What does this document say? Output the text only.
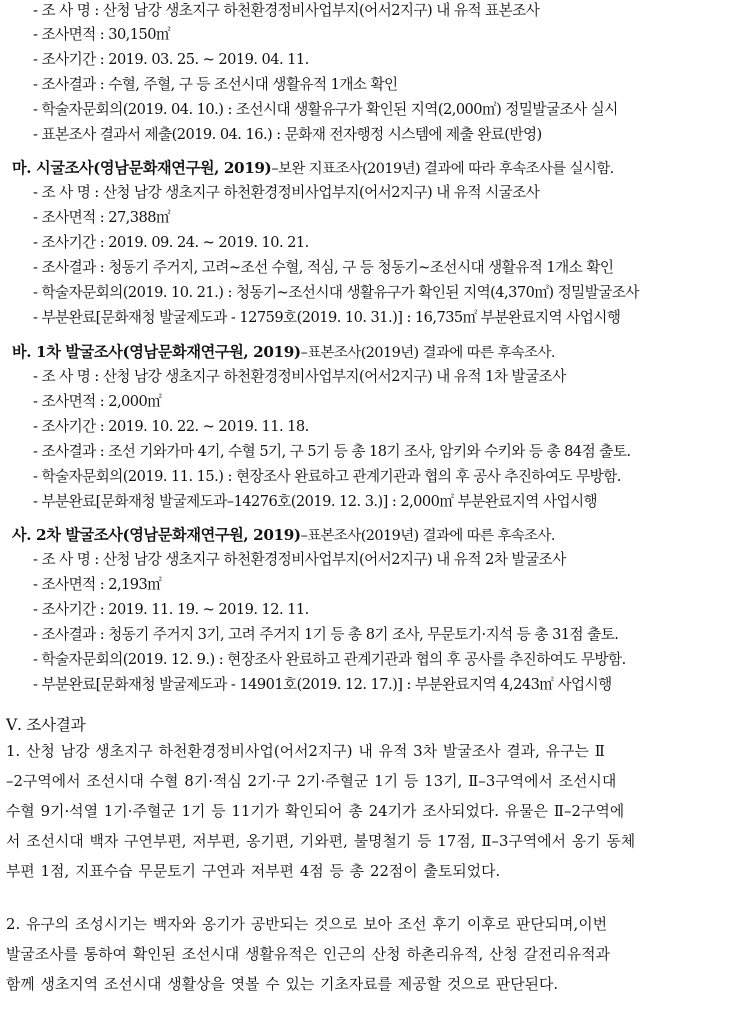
- 조 사 명 : 산청 남강 생초지구 하천환경정비사업부지(어서2지구) 내 유적 표본조사
- 조사면적 : 30,150㎡
- 조사기간 : 2019. 03. 25. ~ 2019. 04. 11.
- 조사결과 : 수혈, 주혈, 구 등 조선시대 생활유적 1개소 확인
- 학술자문회의(2019. 04. 10.) : 조선시대 생활유구가 확인된 지역(2,000㎡) 정밀발굴조사 실시
- 표본조사 결과서 제출(2019. 04. 16.) : 문화재 전자행정 시스템에 제출 완료(반영)
마. 시굴조사(영남문화재연구원, 2019)–보완 지표조사(2019년) 결과에 따라 후속조사를 실시함.
- 조 사 명 : 산청 남강 생초지구 하천환경정비사업부지(어서2지구) 내 유적 시굴조사
- 조사면적 : 27,388㎡
- 조사기간 : 2019. 09. 24. ~ 2019. 10. 21.
- 조사결과 : 청동기 주거지, 고려~조선 수혈, 적심, 구 등 청동기~조선시대 생활유적 1개소 확인
- 학술자문회의(2019. 10. 21.) : 청동기~조선시대 생활유구가 확인된 지역(4,370㎡) 정밀발굴조사
- 부분완료[문화재청 발굴제도과 - 12759호(2019. 10. 31.)] : 16,735㎡ 부분완료지역 사업시행
바. 1차 발굴조사(영남문화재연구원, 2019)–표본조사(2019년) 결과에 따른 후속조사.
- 조 사 명 : 산청 남강 생초지구 하천환경정비사업부지(어서2지구) 내 유적 1차 발굴조사
- 조사면적 : 2,000㎡
- 조사기간 : 2019. 10. 22. ~ 2019. 11. 18.
- 조사결과 : 조선 기와가마 4기, 수혈 5기, 구 5기 등 총 18기 조사, 암키와 수키와 등 총 84점 출토.
- 학술자문회의(2019. 11. 15.) : 현장조사 완료하고 관계기관과 협의 후 공사 추진하여도 무방함.
- 부분완료[문화재청 발굴제도과–14276호(2019. 12. 3.)] : 2,000㎡ 부분완료지역 사업시행
사. 2차 발굴조사(영남문화재연구원, 2019)–표본조사(2019년) 결과에 따른 후속조사.
- 조 사 명 : 산청 남강 생초지구 하천환경정비사업부지(어서2지구) 내 유적 2차 발굴조사
- 조사면적 : 2,193㎡
- 조사기간 : 2019. 11. 19. ~ 2019. 12. 11.
- 조사결과 : 청동기 주거지 3기, 고려 주거지 1기 등 총 8기 조사, 무문토기·지석 등 총 31점 출토.
- 학술자문회의(2019. 12. 9.) : 현장조사 완료하고 관계기관과 협의 후 공사를 추진하여도 무방함.
- 부분완료[문화재청 발굴제도과 - 14901호(2019. 12. 17.)] : 부분완료지역 4,243㎡ 사업시행
Ⅴ. 조사결과
1. 산청 남강 생초지구 하천환경정비사업(어서2지구) 내 유적 3차 발굴조사 결과, 유구는 Ⅱ
–2구역에서 조선시대 수혈 8기·적심 2기·구 2기·주혈군 1기 등 13기, Ⅱ–3구역에서 조선시대
수혈 9기·석열 1기·주혈군 1기 등 11기가 확인되어 총 24기가 조사되었다. 유물은 Ⅱ–2구역에
서 조선시대 백자 구연부편, 저부편, 옹기편, 기와편, 불명철기 등 17점, Ⅱ–3구역에서 옹기 동체
부편 1점, 지표수습 무문토기 구연과 저부편 4점 등 총 22점이 출토되었다.
2. 유구의 조성시기는 백자와 옹기가 공반되는 것으로 보아 조선 후기 이후로 판단되며,이번
발굴조사를 통하여 확인된 조선시대 생활유적은 인근의 산청 하촌리유적, 산청 갈전리유적과
함께 생초지역 조선시대 생활상을 엿볼 수 있는 기초자료를 제공할 것으로 판단된다.
